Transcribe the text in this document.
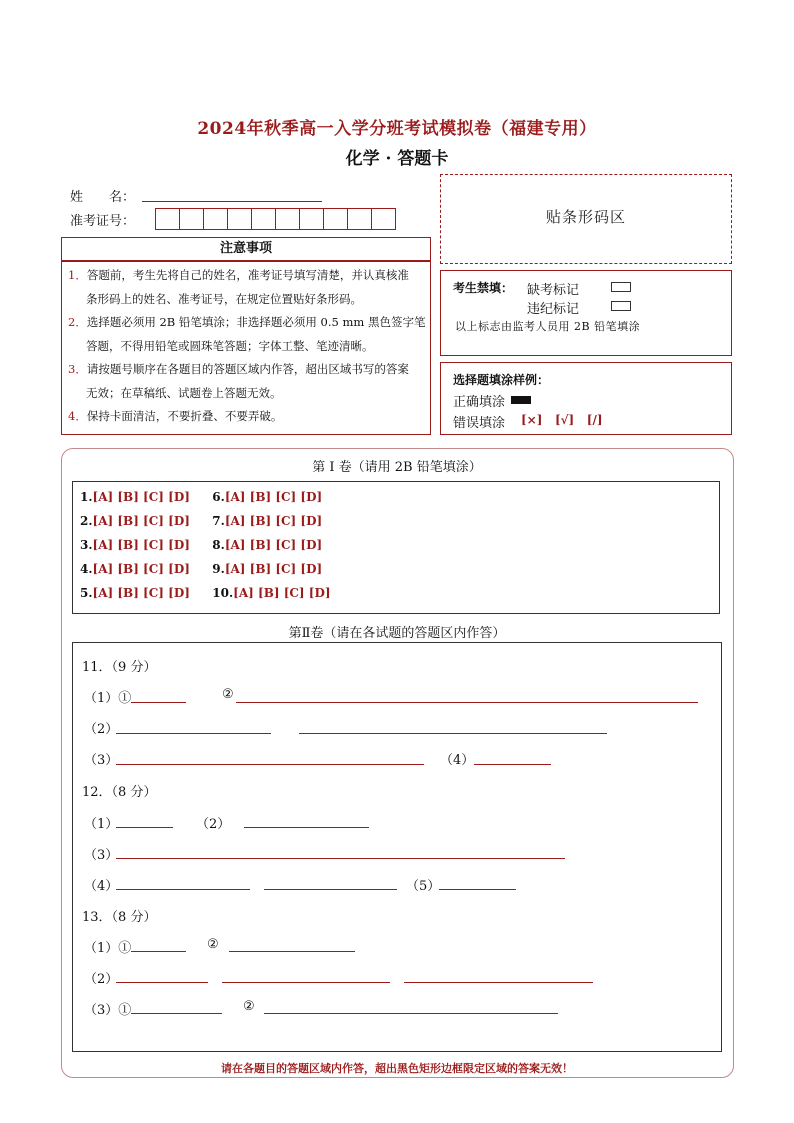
2024年秋季高一入学分班考试模拟卷（福建专用）
化学 · 答题卡
姓　　名：
准考证号：	贴条形码区
注意事项
1．答题前，考生先将自己的姓名，准考证号填写清楚，并认真核准
条形码上的姓名、准考证号，在规定位置贴好条形码。
2．选择题必须用 2B 铅笔填涂；非选择题必须用 0.5 mm 黑色签字笔
答题，不得用铅笔或圆珠笔答题；字体工整、笔迹清晰。
3．请按题号顺序在各题目的答题区域内作答，超出区域书写的答案
无效；在草稿纸、试题卷上答题无效。
4．保持卡面清洁，不要折叠、不要弄破。
考生禁填： 缺考标记
违纪标记
以上标志由监考人员用 2B 铅笔填涂
选择题填涂样例：
正确填涂
错误填涂 [×] [√] [/]
第 I 卷（请用 2B 铅笔填涂）
1.[A] [B] [C] [D] 6.[A] [B] [C] [D]
2.[A] [B] [C] [D] 7.[A] [B] [C] [D]
3.[A] [B] [C] [D] 8.[A] [B] [C] [D]
4.[A] [B] [C] [D] 9.[A] [B] [C] [D]
5.[A] [B] [C] [D] 10.[A] [B] [C] [D]
第Ⅱ卷（请在各试题的答题区内作答）
11．（9 分）
（1）①	②
（2）
（3）	（4）
12．（8 分）
（1）	（2）
（3）
（4）	（5）
13．（8 分）
（1）①	②
（2）
（3）①	②
请在各题目的答题区域内作答，超出黑色矩形边框限定区域的答案无效！
